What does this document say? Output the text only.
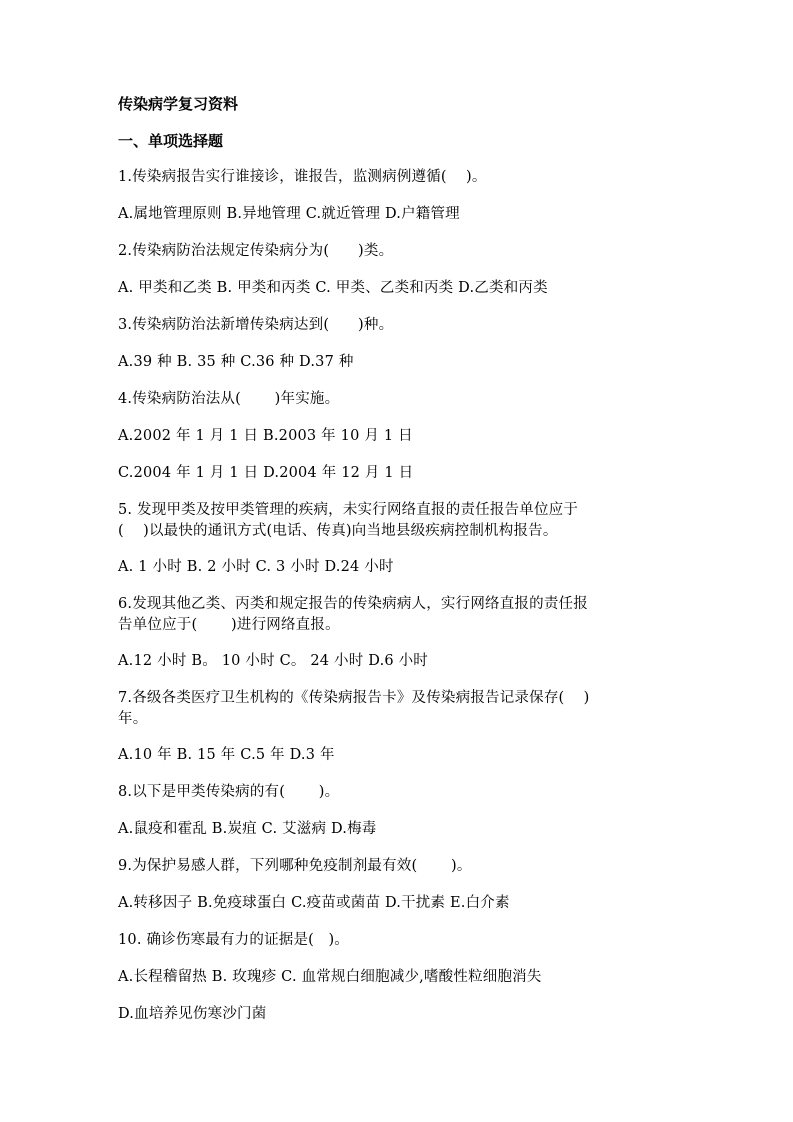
传染病学复习资料

一、单项选择题

1.传染病报告实行谁接诊，谁报告，监测病例遵循(    )。

A.属地管理原则 B.异地管理 C.就近管理 D.户籍管理

2.传染病防治法规定传染病分为(      )类。

A. 甲类和乙类 B. 甲类和丙类 C. 甲类、乙类和丙类 D.乙类和丙类

3.传染病防治法新增传染病达到(      )种。

A.39 种 B. 35 种 C.36 种 D.37 种

4.传染病防治法从(       )年实施。

A.2002 年 1 月 1 日 B.2003 年 10 月 1 日

C.2004 年 1 月 1 日 D.2004 年 12 月 1 日

5. 发现甲类及按甲类管理的疾病，未实行网络直报的责任报告单位应于
(    )以最快的通讯方式(电话、传真)向当地县级疾病控制机构报告。

A. 1 小时 B. 2 小时 C. 3 小时 D.24 小时

6.发现其他乙类、丙类和规定报告的传染病病人，实行网络直报的责任报
告单位应于(       )进行网络直报。

A.12 小时 B。 10 小时 C。 24 小时 D.6 小时

7.各级各类医疗卫生机构的《传染病报告卡》及传染病报告记录保存(    )
年。

A.10 年 B. 15 年 C.5 年 D.3 年

8.以下是甲类传染病的有(       )。

A.鼠疫和霍乱 B.炭疽 C. 艾滋病 D.梅毒

9.为保护易感人群，下列哪种免疫制剂最有效(       )。

A.转移因子 B.免疫球蛋白 C.疫苗或菌苗 D.干扰素 E.白介素

10. 确诊伤寒最有力的证据是(   )。

A.长程稽留热 B. 玫瑰疹 C. 血常规白细胞减少,嗜酸性粒细胞消失

D.血培养见伤寒沙门菌
